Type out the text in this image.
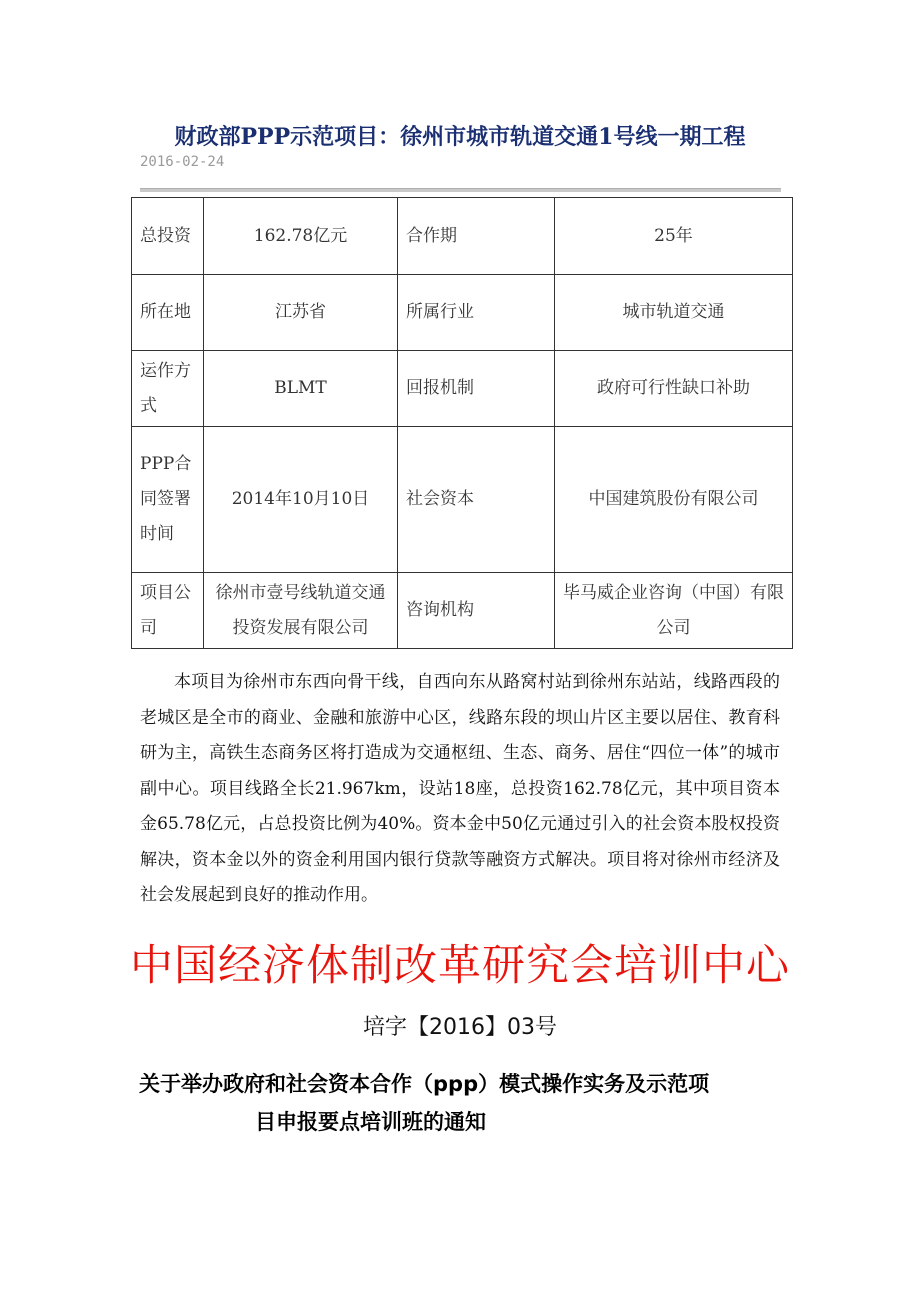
财政部PPP示范项目：徐州市城市轨道交通1号线一期工程
2016-02-24
总投资	162.78亿元	合作期	25年
所在地	江苏省	所属行业	城市轨道交通
运作方式	BLMT	回报机制	政府可行性缺口补助
PPP合同签署时间	2014年10月10日	社会资本	中国建筑股份有限公司
项目公司	徐州市壹号线轨道交通投资发展有限公司	咨询机构	毕马威企业咨询（中国）有限公司
本项目为徐州市东西向骨干线，自西向东从路窝村站到徐州东站站，线路西段的老城区是全市的商业、金融和旅游中心区，线路东段的坝山片区主要以居住、教育科研为主，高铁生态商务区将打造成为交通枢纽、生态、商务、居住“四位一体”的城市副中心。项目线路全长21.967km，设站18座，总投资162.78亿元，其中项目资本金65.78亿元，占总投资比例为40%。资本金中50亿元通过引入的社会资本股权投资解决，资本金以外的资金利用国内银行贷款等融资方式解决。项目将对徐州市经济及社会发展起到良好的推动作用。
中国经济体制改革研究会培训中心
培字【2016】03号
关于举办政府和社会资本合作（ppp）模式操作实务及示范项
目申报要点培训班的通知
